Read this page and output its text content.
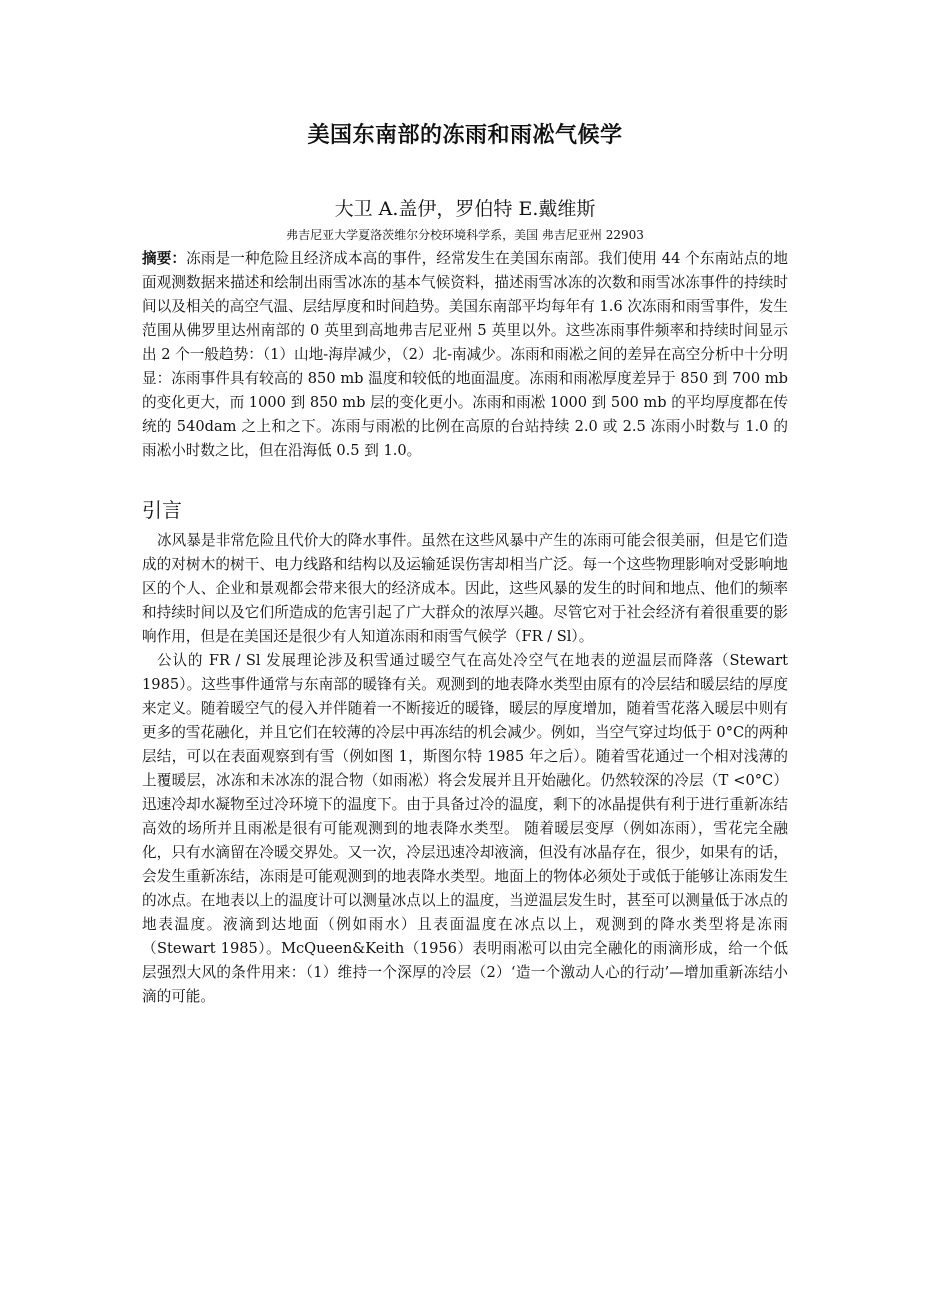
美国东南部的冻雨和雨凇气候学
大卫 A.盖伊，罗伯特 E.戴维斯
弗吉尼亚大学夏洛茨维尔分校环境科学系，美国 弗吉尼亚州 22903
摘要：冻雨是一种危险且经济成本高的事件，经常发生在美国东南部。我们使用 44 个东南站点的地面观测数据来描述和绘制出雨雪冰冻的基本气候资料，描述雨雪冰冻的次数和雨雪冰冻事件的持续时间以及相关的高空气温、层结厚度和时间趋势。美国东南部平均每年有 1.6 次冻雨和雨雪事件，发生范围从佛罗里达州南部的 0 英里到高地弗吉尼亚州 5 英里以外。这些冻雨事件频率和持续时间显示出 2 个一般趋势：（1）山地-海岸减少，（2）北-南减少。冻雨和雨凇之间的差异在高空分析中十分明显：冻雨事件具有较高的 850 mb 温度和较低的地面温度。冻雨和雨凇厚度差异于 850 到 700 mb 的变化更大，而 1000 到 850 mb 层的变化更小。冻雨和雨凇 1000 到 500 mb 的平均厚度都在传统的 540dam 之上和之下。冻雨与雨凇的比例在高原的台站持续 2.0 或 2.5 冻雨小时数与 1.0 的雨凇小时数之比，但在沿海低 0.5 到 1.0。
引言

冰风暴是非常危险且代价大的降水事件。虽然在这些风暴中产生的冻雨可能会很美丽，但是它们造成的对树木的树干、电力线路和结构以及运输延误伤害却相当广泛。每一个这些物理影响对受影响地区的个人、企业和景观都会带来很大的经济成本。因此，这些风暴的发生的时间和地点、他们的频率和持续时间以及它们所造成的危害引起了广大群众的浓厚兴趣。尽管它对于社会经济有着很重要的影响作用，但是在美国还是很少有人知道冻雨和雨雪气候学（FR / Sl）。

公认的 FR / Sl 发展理论涉及积雪通过暖空气在高处冷空气在地表的逆温层而降落（Stewart 1985）。这些事件通常与东南部的暖锋有关。观测到的地表降水类型由原有的冷层结和暖层结的厚度来定义。随着暖空气的侵入并伴随着一不断接近的暖锋，暖层的厚度增加，随着雪花落入暖层中则有更多的雪花融化，并且它们在较薄的冷层中再冻结的机会减少。例如，当空气穿过均低于 0°C的两种层结，可以在表面观察到有雪（例如图 1，斯图尔特 1985 年之后）。随着雪花通过一个相对浅薄的上覆暖层，冰冻和未冰冻的混合物（如雨凇）将会发展并且开始融化。仍然较深的冷层（T <0°C）迅速冷却水凝物至过冷环境下的温度下。由于具备过冷的温度，剩下的冰晶提供有利于进行重新冻结高效的场所并且雨凇是很有可能观测到的地表降水类型。 随着暖层变厚（例如冻雨），雪花完全融化，只有水滴留在冷暖交界处。又一次，冷层迅速冷却液滴，但没有冰晶存在，很少，如果有的话，会发生重新冻结，冻雨是可能观测到的地表降水类型。地面上的物体必须处于或低于能够让冻雨发生的冰点。在地表以上的温度计可以测量冰点以上的温度，当逆温层发生时，甚至可以测量低于冰点的地表温度。液滴到达地面（例如雨水）且表面温度在冰点以上，观测到的降水类型将是冻雨（Stewart 1985）。McQueen&Keith（1956）表明雨凇可以由完全融化的雨滴形成，给一个低层强烈大风的条件用来：（1）维持一个深厚的冷层（2）‘造一个激动人心的行动’—增加重新冻结小滴的可能。
